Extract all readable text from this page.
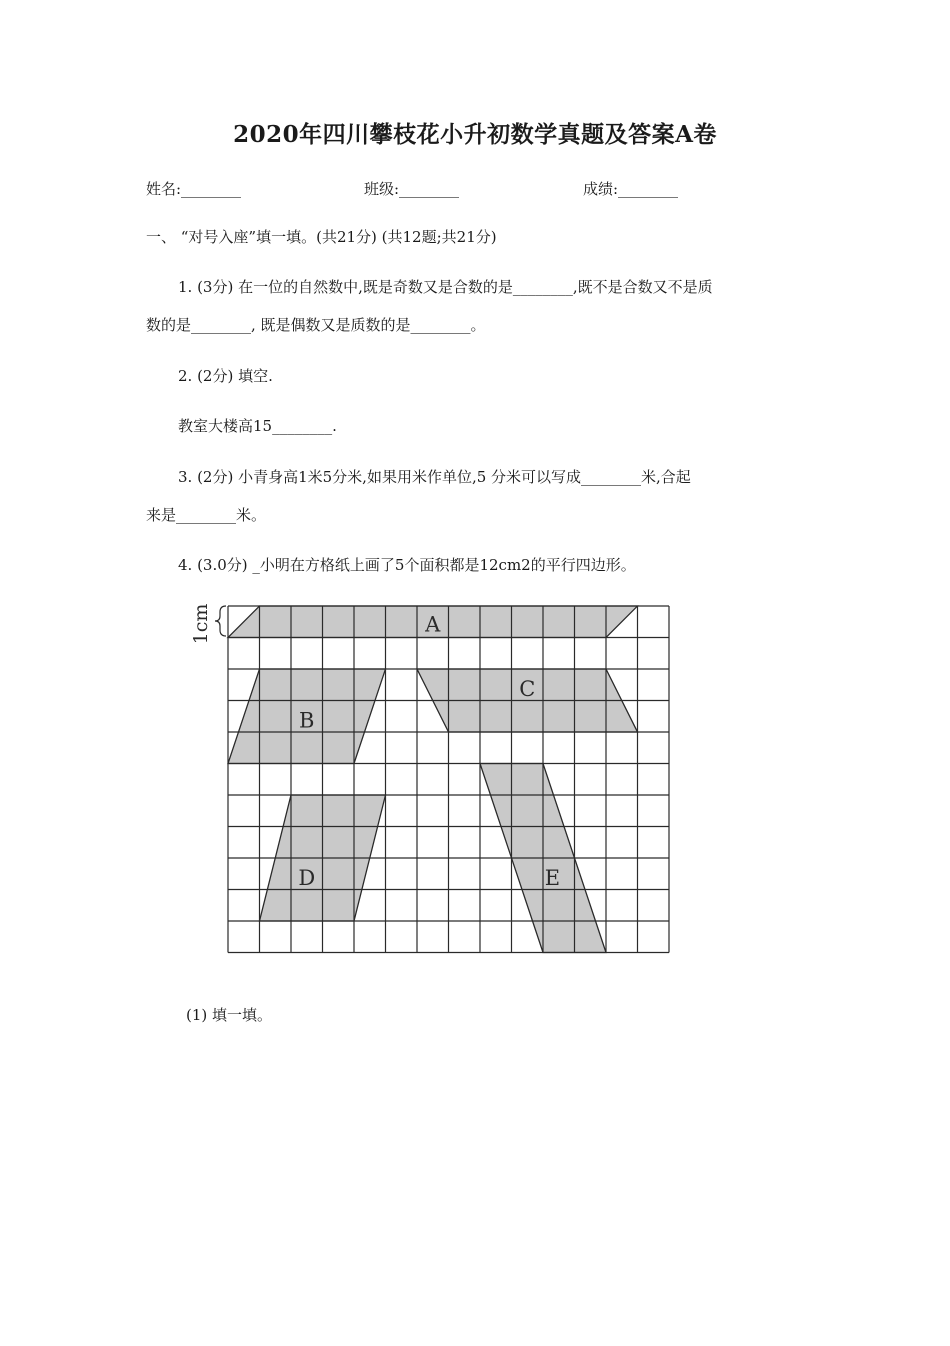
2020年四川攀枝花小升初数学真题及答案A卷
姓名:________	班级:________	成绩:________
一、 “对号入座”填一填。(共21分) (共12题;共21分)
1. (3分) 在一位的自然数中,既是奇数又是合数的是________,既不是合数又不是质
数的是________, 既是偶数又是质数的是________。
2. (2分) 填空.
教室大楼高15________.
3. (2分) 小青身高1米5分米,如果用米作单位,5 分米可以写成________米,合起
来是________米。
4. (3.0分) _小明在方格纸上画了5个面积都是12cm2的平行四边形。
A
B
C
D	E
1cm
(1) 填一填。
